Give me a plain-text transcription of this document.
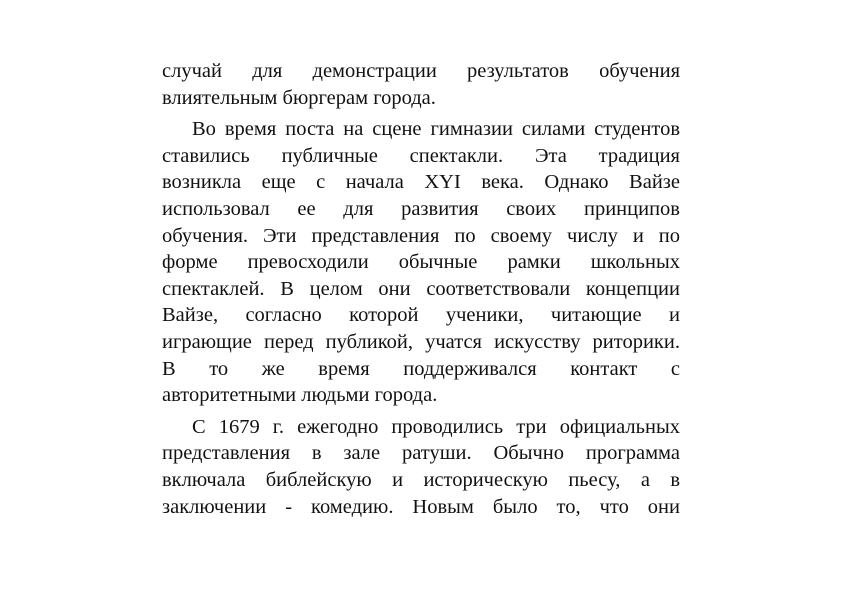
случай для демонстрации результатов обучения
влиятельным бюргерам города.
Во время поста на сцене гимназии силами студентов
ставились публичные спектакли. Эта традиция
возникла еще с начала XYI века. Однако Вайзе
использовал ее для развития своих принципов
обучения. Эти представления по своему числу и по
форме превосходили обычные рамки школьных
спектаклей. В целом они соответствовали концепции
Вайзе, согласно которой ученики, читающие и
играющие перед публикой, учатся искусству риторики.
В то же время поддерживался контакт с
авторитетными людьми города.
С 1679 г. ежегодно проводились три официальных
представления в зале ратуши. Обычно программа
включала библейскую и историческую пьесу, а в
заключении - комедию. Новым было то, что они
